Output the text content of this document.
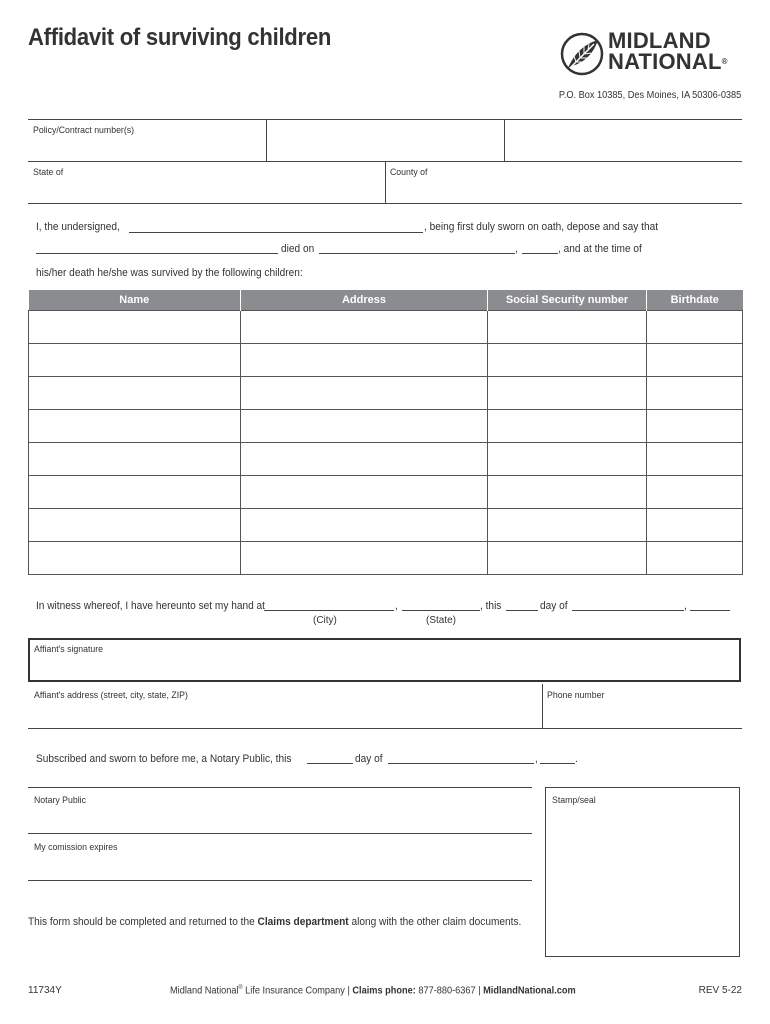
Affidavit of surviving children	MIDLAND
NATIONAL®
P.O. Box 10385, Des Moines, IA 50306-0385
Policy/Contract number(s)
State of	County of
I, the undersigned,	, being first duly sworn on oath, depose and say that
died on	,	, and at the time of
his/her death he/she was survived by the following children:
Name	Address	Social Security number	Birthdate

In witness whereof, I have hereunto set my hand at	,	, this	day of	,
(City)	(State)
Affiant's signature
Affiant's address (street, city, state, ZIP)	Phone number
Subscribed and sworn to before me, a Notary Public, this	day of	,	.
Notary Public
My comission expires
Stamp/seal
This form should be completed and returned to the Claims department along with the other claim documents.
11734Y	Midland National® Life Insurance Company | Claims phone: 877-880-6367 | MidlandNational.com	REV 5-22
